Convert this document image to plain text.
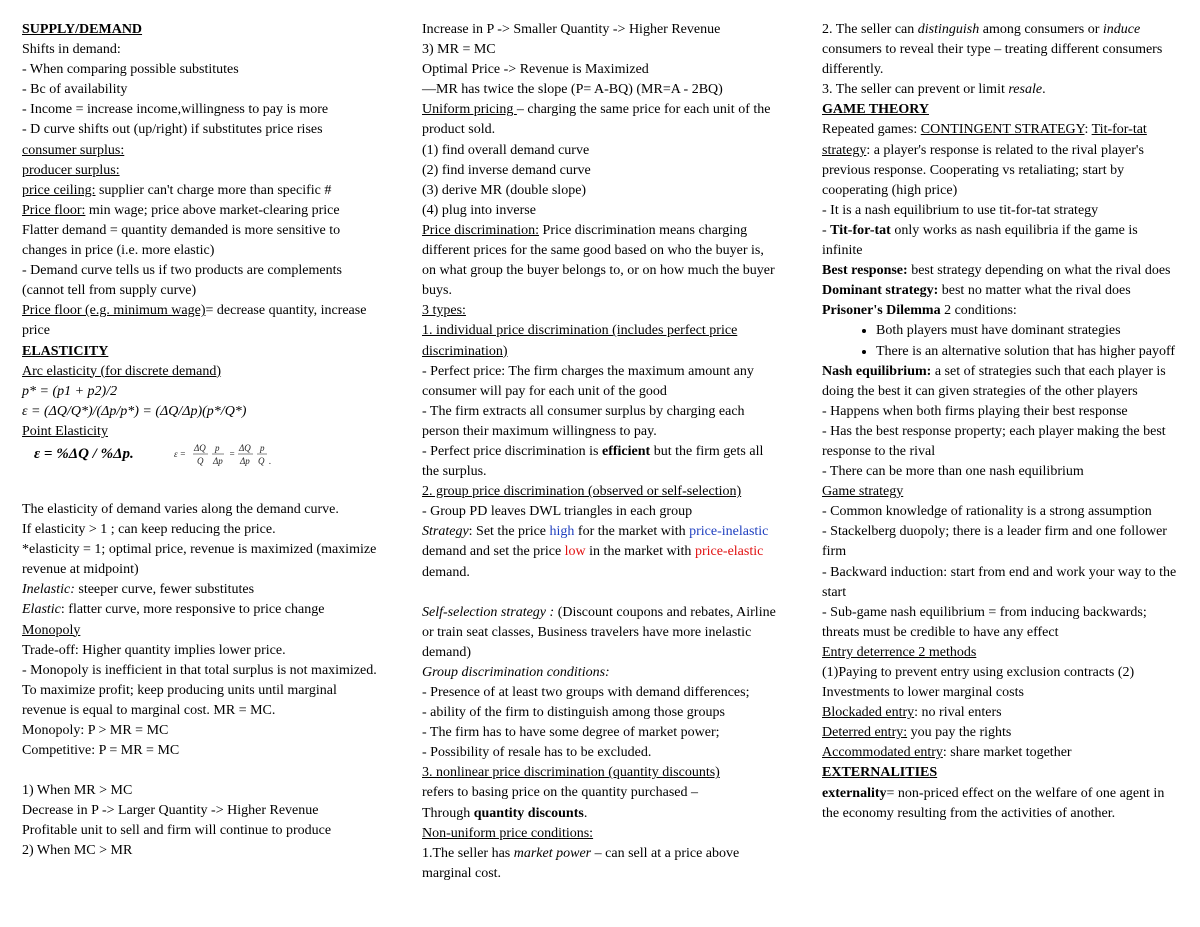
SUPPLY/DEMAND
Shifts in demand:
- When comparing possible substitutes
- Bc of availability
- Income = increase income,willingness to pay is more
- D curve shifts out (up/right) if substitutes price rises
consumer surplus:
producer surplus:
price ceiling: supplier can't charge more than specific #
Price floor: min wage; price above market-clearing price
Flatter demand = quantity demanded is more sensitive to changes in price (i.e. more elastic)
- Demand curve tells us if two products are complements (cannot tell from supply curve)
Price floor (e.g. minimum wage)= decrease quantity, increase price
ELASTICITY
Arc elasticity (for discrete demand)
p* = (p1 + p2)/2
ε = (ΔQ/Q*)/(Δp/p*) = (ΔQ/Δp)(p*/Q*)
Point Elasticity
ε = %ΔQ / %Δp.	ε =
ΔQ
Q
p
Δp
=
ΔQ
Δp
p
Q .
The elasticity of demand varies along the demand curve.
If elasticity > 1 ; can keep reducing the price.
*elasticity = 1; optimal price, revenue is maximized (maximize revenue at midpoint)
Inelastic: steeper curve, fewer substitutes
Elastic: flatter curve, more responsive to price change
Monopoly
Trade-off: Higher quantity implies lower price.
- Monopoly is inefficient in that total surplus is not maximized.
To maximize profit; keep producing units until marginal revenue is equal to marginal cost. MR = MC.
Monopoly: P > MR = MC
Competitive: P = MR = MC
1) When MR > MC
Decrease in P -> Larger Quantity -> Higher Revenue
Profitable unit to sell and firm will continue to produce
2) When MC > MR
Increase in P -> Smaller Quantity -> Higher Revenue
3) MR = MC
Optimal Price -> Revenue is Maximized
—MR has twice the slope (P= A-BQ) (MR=A - 2BQ)
Uniform pricing – charging the same price for each unit of the product sold.
(1) find overall demand curve
(2) find inverse demand curve
(3) derive MR (double slope)
(4) plug into inverse
Price discrimination: Price discrimination means charging different prices for the same good based on who the buyer is, on what group the buyer belongs to, or on how much the buyer buys.
3 types:
1. individual price discrimination (includes perfect price discrimination)
- Perfect price: The firm charges the maximum amount any consumer will pay for each unit of the good
- The firm extracts all consumer surplus by charging each person their maximum willingness to pay.
- Perfect price discrimination is efficient but the firm gets all the surplus.
2. group price discrimination (observed or self-selection)
- Group PD leaves DWL triangles in each group
Strategy: Set the price high for the market with price-inelastic demand and set the price low in the market with price-elastic demand.
Self-selection strategy : (Discount coupons and rebates, Airline or train seat classes, Business travelers have more inelastic demand)
Group discrimination conditions:
- Presence of at least two groups with demand differences;
- ability of the firm to distinguish among those groups
- The firm has to have some degree of market power;
- Possibility of resale has to be excluded.
3. nonlinear price discrimination (quantity discounts)
refers to basing price on the quantity purchased –
Through quantity discounts.
Non-uniform price conditions:
1.The seller has market power – can sell at a price above marginal cost.
2. The seller can distinguish among consumers or induce consumers to reveal their type – treating different consumers differently.
3. The seller can prevent or limit resale.
GAME THEORY
Repeated games: CONTINGENT STRATEGY: Tit-for-tat strategy: a player's response is related to the rival player's previous response. Cooperating vs retaliating; start by cooperating (high price)
- It is a nash equilibrium to use tit-for-tat strategy
- Tit-for-tat only works as nash equilibria if the game is infinite
Best response: best strategy depending on what the rival does
Dominant strategy: best no matter what the rival does
Prisoner's Dilemma 2 conditions:
• Both players must have dominant strategies
• There is an alternative solution that has higher payoff
Nash equilibrium: a set of strategies such that each player is doing the best it can given strategies of the other players
- Happens when both firms playing their best response
- Has the best response property; each player making the best response to the rival
- There can be more than one nash equilibrium
Game strategy
- Common knowledge of rationality is a strong assumption
- Stackelberg duopoly; there is a leader firm and one follower firm
- Backward induction: start from end and work your way to the start
- Sub-game nash equilibrium = from inducing backwards; threats must be credible to have any effect
Entry deterrence 2 methods
(1)Paying to prevent entry using exclusion contracts (2) Investments to lower marginal costs
Blockaded entry: no rival enters
Deterred entry: you pay the rights
Accommodated entry: share market together
EXTERNALITIES
externality= non-priced effect on the welfare of one agent in the economy resulting from the activities of another.
